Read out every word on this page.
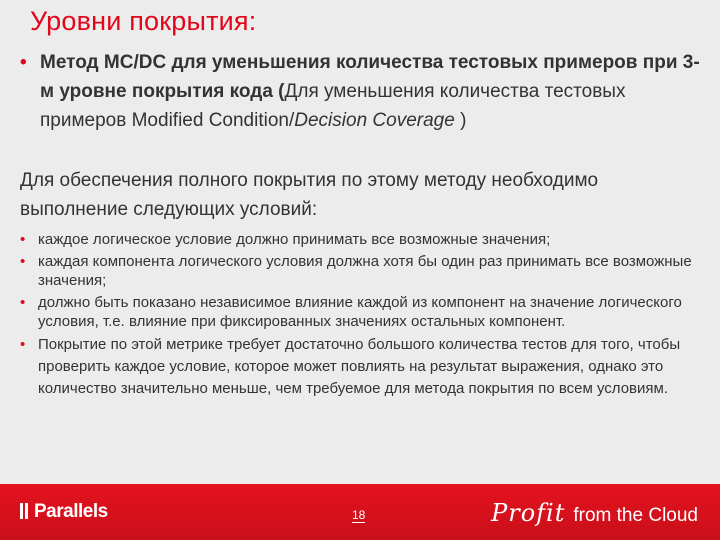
Уровни покрытия:
• Метод MC/DC для уменьшения количества тестовых примеров при 3-м уровне покрытия кода (Для уменьшения количества тестовых примеров Modified Condition/Decision Coverage )
Для обеспечения полного покрытия по этому методу необходимо выполнение следующих условий:
• каждое логическое условие должно принимать все возможные значения;
• каждая компонента логического условия должна хотя бы один раз принимать все возможные значения;
• должно быть показано независимое влияние каждой из компонент на значение логического условия, т.е. влияние при фиксированных значениях остальных компонент.
• Покрытие по этой метрике требует достаточно большого количества тестов для того, чтобы проверить каждое условие, которое может повлиять на результат выражения, однако это количество значительно меньше, чем требуемое для метода покрытия по всем условиям.
Parallels	18	Profit from the Cloud
